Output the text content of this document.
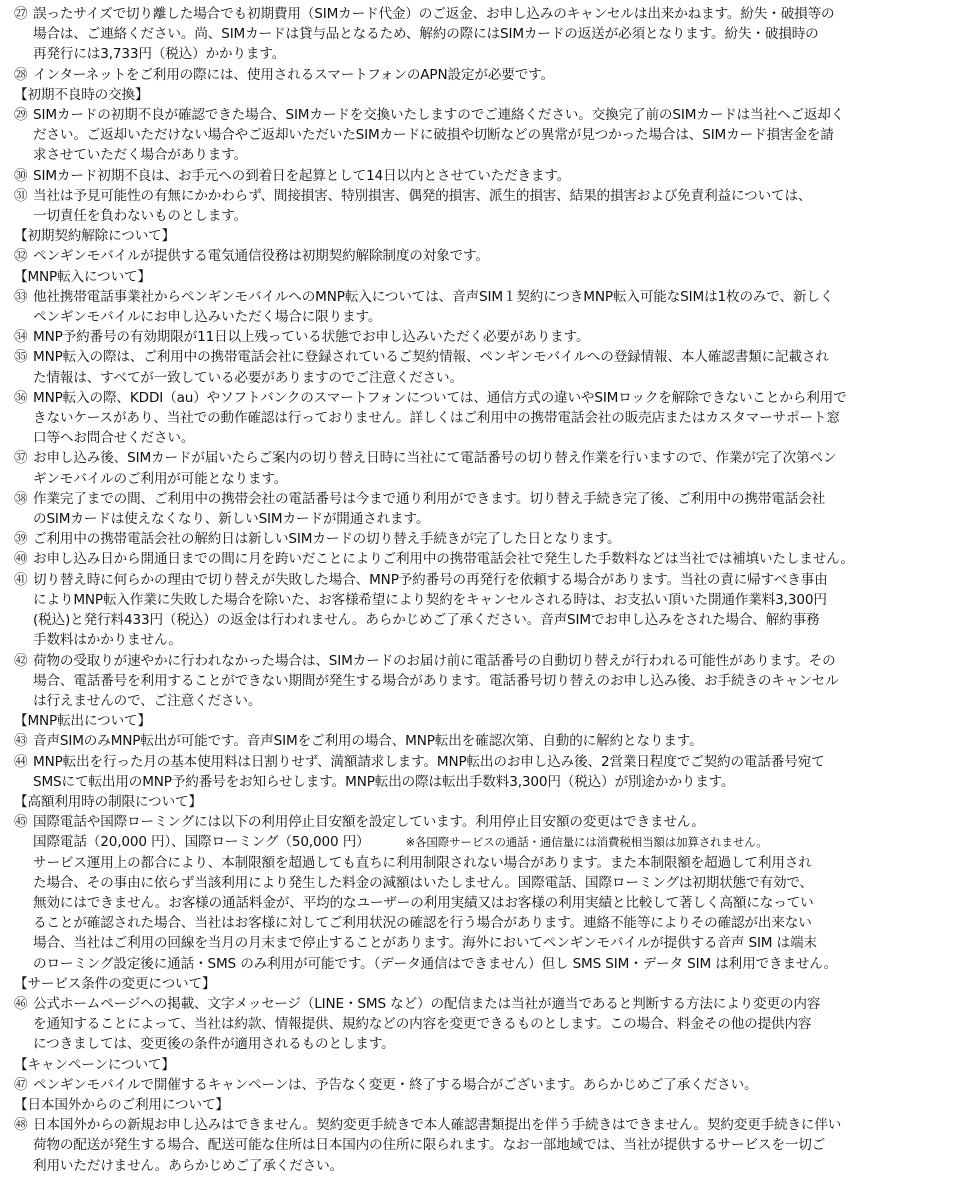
㉗ 誤ったサイズで切り離した場合でも初期費用（SIMカード代金）のご返金、お申し込みのキャンセルは出来かねます。紛失・破損等の
場合は、ご連絡ください。尚、SIMカードは貸与品となるため、解約の際にはSIMカードの返送が必須となります。紛失・破損時の
再発行には3,733円（税込）かかります。
㉘ インターネットをご利用の際には、使用されるスマートフォンのAPN設定が必要です。
【初期不良時の交換】
㉙ SIMカードの初期不良が確認できた場合、SIMカードを交換いたしますのでご連絡ください。交換完了前のSIMカードは当社へご返却く
ださい。ご返却いただけない場合やご返却いただいたSIMカードに破損や切断などの異常が見つかった場合は、SIMカード損害金を請
求させていただく場合があります。
㉚ SIMカード初期不良は、お手元への到着日を起算として14日以内とさせていただきます。
㉛ 当社は予見可能性の有無にかかわらず、間接損害、特別損害、偶発的損害、派生的損害、結果的損害および免責利益については、
一切責任を負わないものとします。
【初期契約解除について】
㉜ ペンギンモバイルが提供する電気通信役務は初期契約解除制度の対象です。
【MNP転入について】
㉝ 他社携帯電話事業社からペンギンモバイルへのMNP転入については、音声SIM１契約につきMNP転入可能なSIMは1枚のみで、新しく
ペンギンモバイルにお申し込みいただく場合に限ります。
㉞ MNP予約番号の有効期限が11日以上残っている状態でお申し込みいただく必要があります。
㉟ MNP転入の際は、ご利用中の携帯電話会社に登録されているご契約情報、ペンギンモバイルへの登録情報、本人確認書類に記載され
た情報は、すべてが一致している必要がありますのでご注意ください。
㊱ MNP転入の際、KDDI（au）やソフトバンクのスマートフォンについては、通信方式の違いやSIMロックを解除できないことから利用で
きないケースがあり、当社での動作確認は行っておりません。詳しくはご利用中の携帯電話会社の販売店またはカスタマーサポート窓
口等へお問合せください。
㊲ お申し込み後、SIMカードが届いたらご案内の切り替え日時に当社にて電話番号の切り替え作業を行いますので、作業が完了次第ペン
ギンモバイルのご利用が可能となります。
㊳ 作業完了までの間、ご利用中の携帯会社の電話番号は今まで通り利用ができます。切り替え手続き完了後、ご利用中の携帯電話会社
のSIMカードは使えなくなり、新しいSIMカードが開通されます。
㊴ ご利用中の携帯電話会社の解約日は新しいSIMカードの切り替え手続きが完了した日となります。
㊵ お申し込み日から開通日までの間に月を跨いだことによりご利用中の携帯電話会社で発生した手数料などは当社では補填いたしません。
㊶ 切り替え時に何らかの理由で切り替えが失敗した場合、MNP予約番号の再発行を依頼する場合があります。当社の責に帰すべき事由
によりMNP転入作業に失敗した場合を除いた、お客様希望により契約をキャンセルされる時は、お支払い頂いた開通作業料3,300円
(税込)と発行料433円（税込）の返金は行われません。あらかじめご了承ください。音声SIMでお申し込みをされた場合、解約事務
手数料はかかりません。
㊷ 荷物の受取りが速やかに行われなかった場合は、SIMカードのお届け前に電話番号の自動切り替えが行われる可能性があります。その
場合、電話番号を利用することができない期間が発生する場合があります。電話番号切り替えのお申し込み後、お手続きのキャンセル
は行えませんので、ご注意ください。
【MNP転出について】
㊸ 音声SIMのみMNP転出が可能です。音声SIMをご利用の場合、MNP転出を確認次第、自動的に解約となります。
㊹ MNP転出を行った月の基本使用料は日割りせず、満額請求します。MNP転出のお申し込み後、2営業日程度でご契約の電話番号宛て
SMSにて転出用のMNP予約番号をお知らせします。MNP転出の際は転出手数料3,300円（税込）が別途かかります。
【高額利用時の制限について】
㊺ 国際電話や国際ローミングには以下の利用停止目安額を設定しています。利用停止目安額の変更はできません。
国際電話（20,000 円）、国際ローミング（50,000 円）	※各国際サービスの通話・通信量には消費税相当額は加算されません。
サービス運用上の都合により、本制限額を超過しても直ちに利用制限されない場合があります。また本制限額を超過して利用され
た場合、その事由に依らず当該利用により発生した料金の減額はいたしません。国際電話、国際ローミングは初期状態で有効で、
無効にはできません。お客様の通話料金が、平均的なユーザーの利用実績又はお客様の利用実績と比較して著しく高額になってい
ることが確認された場合、当社はお客様に対してご利用状況の確認を行う場合があります。連絡不能等によりその確認が出来ない
場合、当社はご利用の回線を当月の月末まで停止することがあります。海外においてペンギンモバイルが提供する音声 SIM は端末
のローミング設定後に通話・SMS のみ利用が可能です。（データ通信はできません）但し SMS SIM・データ SIM は利用できません。
【サービス条件の変更について】
㊻ 公式ホームページへの掲載、文字メッセージ（LINE・SMS など）の配信または当社が適当であると判断する方法により変更の内容
を通知することによって、当社は約款、情報提供、規約などの内容を変更できるものとします。この場合、料金その他の提供内容
につきましては、変更後の条件が適用されるものとします。
【キャンペーンについて】
㊼ ペンギンモバイルで開催するキャンペーンは、予告なく変更・終了する場合がございます。あらかじめご了承ください。
【日本国外からのご利用について】
㊽ 日本国外からの新規お申し込みはできません。契約変更手続きで本人確認書類提出を伴う手続きはできません。契約変更手続きに伴い
荷物の配送が発生する場合、配送可能な住所は日本国内の住所に限られます。なお一部地域では、当社が提供するサービスを一切ご
利用いただけません。あらかじめご了承ください。
